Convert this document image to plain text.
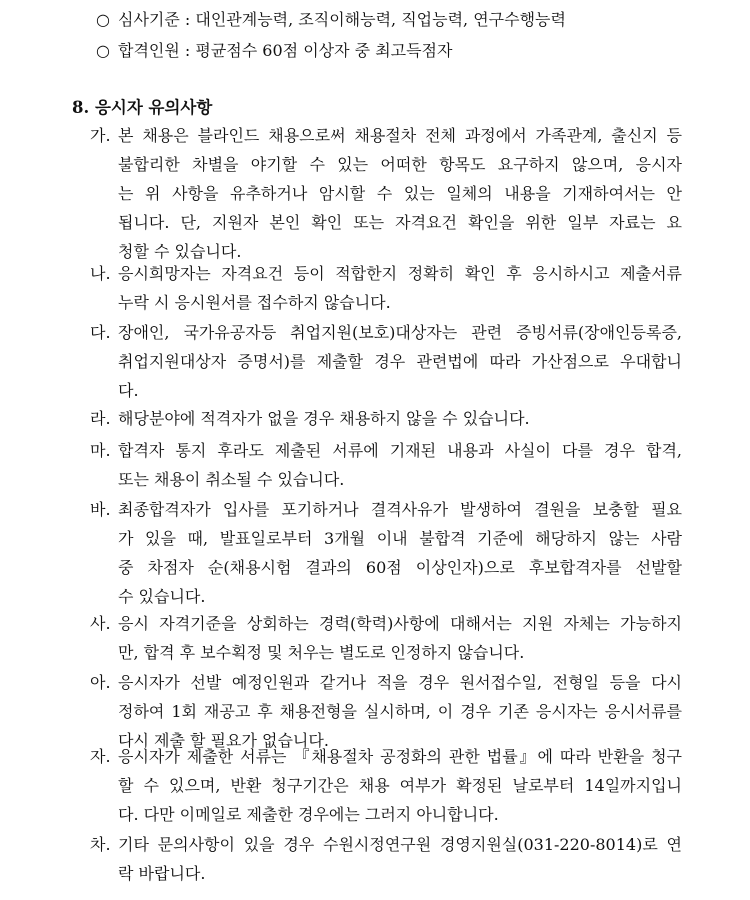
○ 심사기준 : 대인관계능력, 조직이해능력, 직업능력, 연구수행능력
○ 합격인원 : 평균점수 60점 이상자 중 최고득점자
8. 응시자 유의사항
가. 본 채용은 블라인드 채용으로써 채용절차 전체 과정에서 가족관계, 출신지 등
불합리한 차별을 야기할 수 있는 어떠한 항목도 요구하지 않으며, 응시자
는 위 사항을 유추하거나 암시할 수 있는 일체의 내용을 기재하여서는 안
됩니다. 단, 지원자 본인 확인 또는 자격요건 확인을 위한 일부 자료는 요
청할 수 있습니다.
나. 응시희망자는 자격요건 등이 적합한지 정확히 확인 후 응시하시고 제출서류
누락 시 응시원서를 접수하지 않습니다.
다. 장애인, 국가유공자등 취업지원(보호)대상자는 관련 증빙서류(장애인등록증,
취업지원대상자 증명서)를 제출할 경우 관련법에 따라 가산점으로 우대합니
다.
라. 해당분야에 적격자가 없을 경우 채용하지 않을 수 있습니다.
마. 합격자 통지 후라도 제출된 서류에 기재된 내용과 사실이 다를 경우 합격,
또는 채용이 취소될 수 있습니다.
바. 최종합격자가 입사를 포기하거나 결격사유가 발생하여 결원을 보충할 필요
가 있을 때, 발표일로부터 3개월 이내 불합격 기준에 해당하지 않는 사람
중 차점자 순(채용시험 결과의 60점 이상인자)으로 후보합격자를 선발할
수 있습니다.
사. 응시 자격기준을 상회하는 경력(학력)사항에 대해서는 지원 자체는 가능하지
만, 합격 후 보수획정 및 처우는 별도로 인정하지 않습니다.
아. 응시자가 선발 예정인원과 같거나 적을 경우 원서접수일, 전형일 등을 다시
정하여 1회 재공고 후 채용전형을 실시하며, 이 경우 기존 응시자는 응시서류를
다시 제출 할 필요가 없습니다.
자. 응시자가 제출한 서류는 『채용절차 공정화의 관한 법률』에 따라 반환을 청구
할 수 있으며, 반환 청구기간은 채용 여부가 확정된 날로부터 14일까지입니
다. 다만 이메일로 제출한 경우에는 그러지 아니합니다.
차. 기타 문의사항이 있을 경우 수원시정연구원 경영지원실(031-220-8014)로 연
락 바랍니다.
